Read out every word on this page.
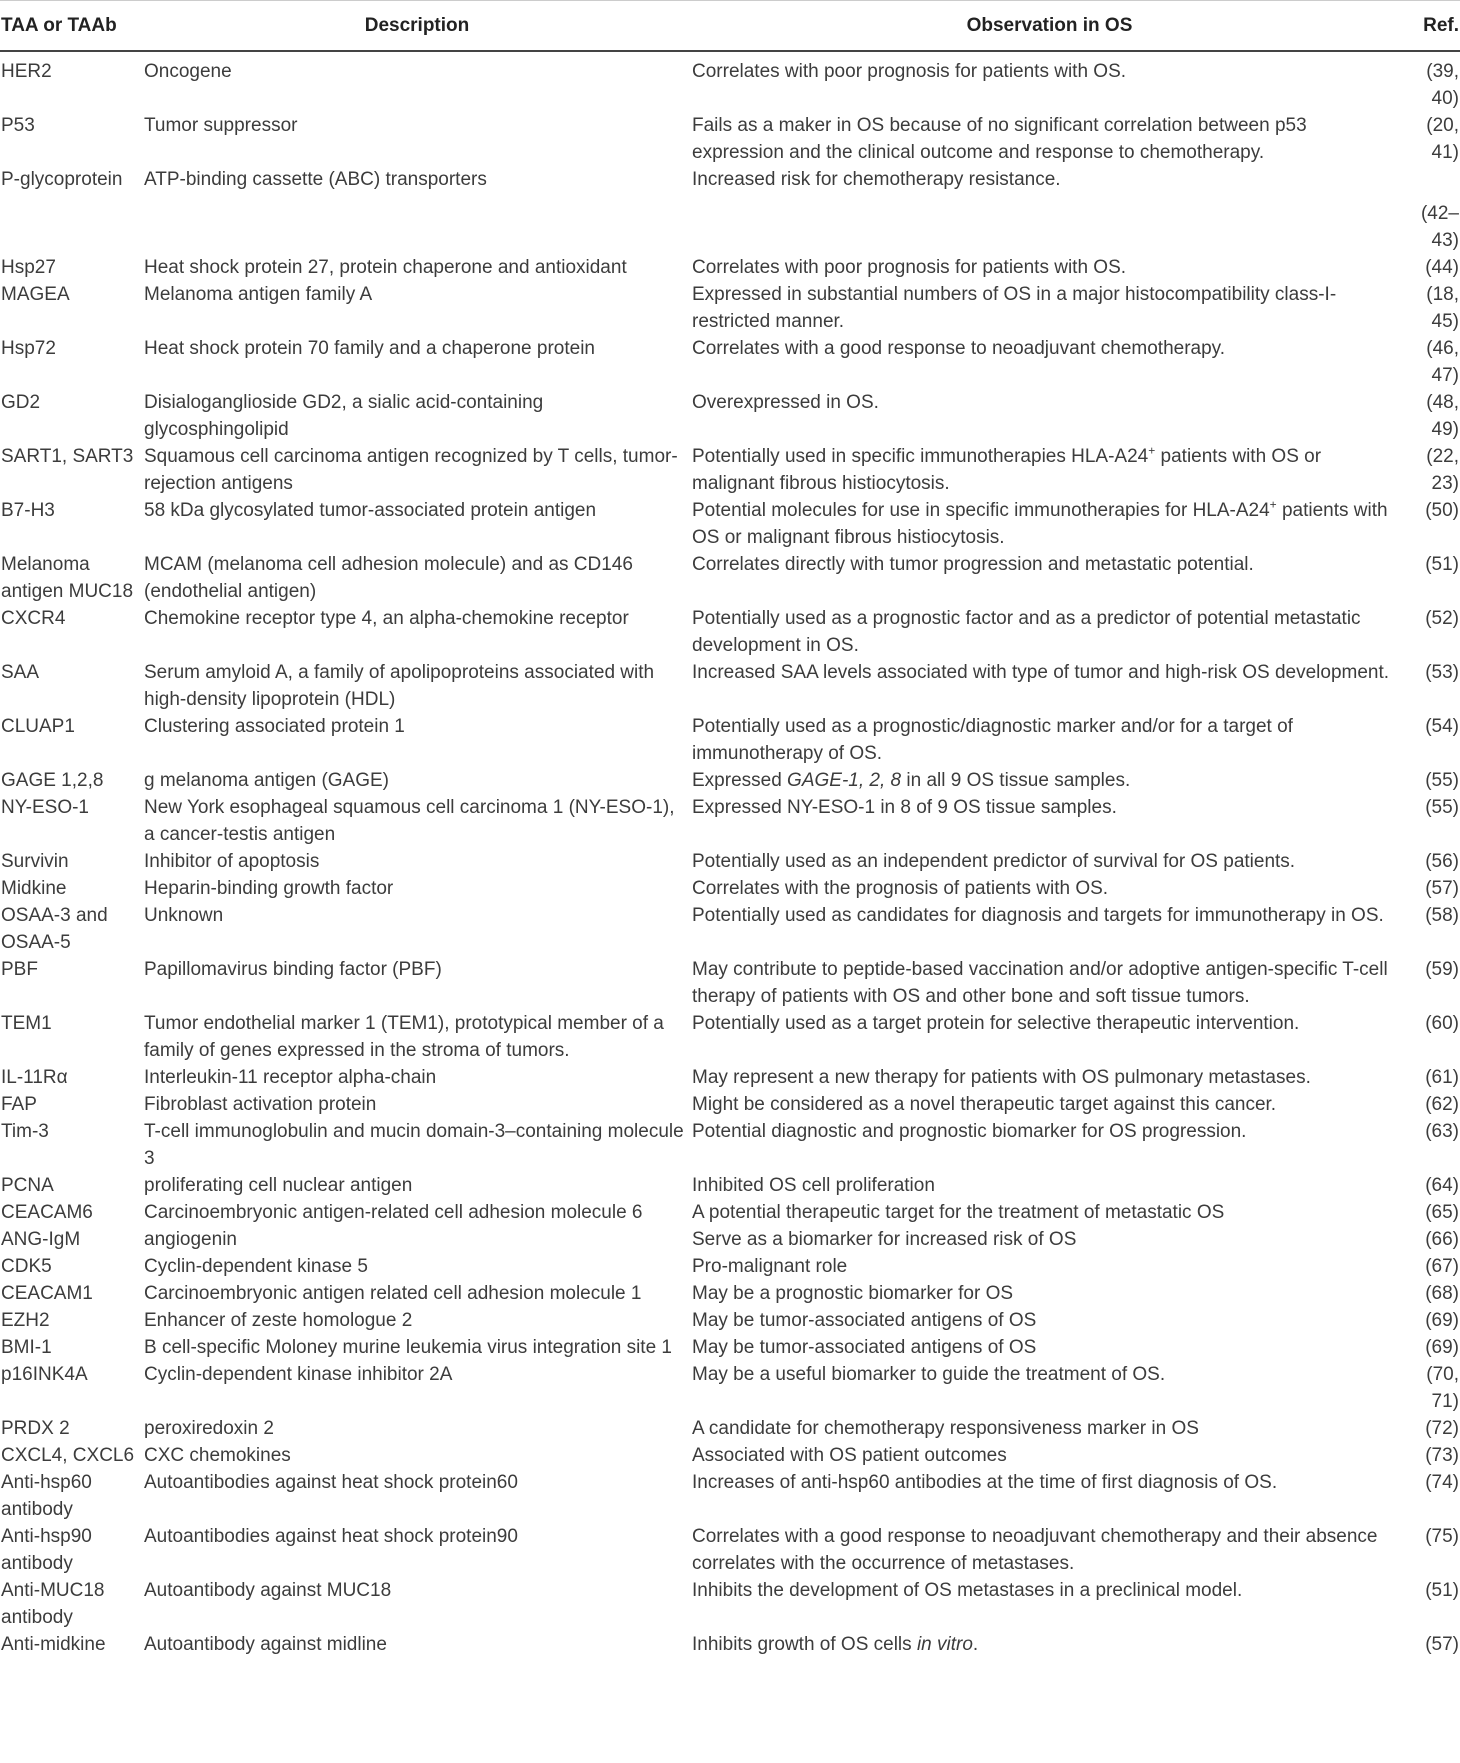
TAA or TAAb	Description	Observation in OS	Ref.
HER2	Oncogene	Correlates with poor prognosis for patients with OS.	(39, 40)
P53	Tumor suppressor	Fails as a maker in OS because of no significant correlation between p53 expression and the clinical outcome and response to chemotherapy.	(20, 41)
P-glycoprotein	ATP-binding cassette (ABC) transporters	Increased risk for chemotherapy resistance.	(42–43)
Hsp27	Heat shock protein 27, protein chaperone and antioxidant	Correlates with poor prognosis for patients with OS.	(44)
MAGEA	Melanoma antigen family A	Expressed in substantial numbers of OS in a major histocompatibility class-I-restricted manner.	(18, 45)
Hsp72	Heat shock protein 70 family and a chaperone protein	Correlates with a good response to neoadjuvant chemotherapy.	(46, 47)
GD2	Disialoganglioside GD2, a sialic acid-containing glycosphingolipid	Overexpressed in OS.	(48, 49)
SART1, SART3	Squamous cell carcinoma antigen recognized by T cells, tumor-rejection antigens	Potentially used in specific immunotherapies HLA-A24+ patients with OS or malignant fibrous histiocytosis.	(22, 23)
B7-H3	58 kDa glycosylated tumor-associated protein antigen	Potential molecules for use in specific immunotherapies for HLA-A24+ patients with OS or malignant fibrous histiocytosis.	(50)
Melanoma antigen MUC18	MCAM (melanoma cell adhesion molecule) and as CD146 (endothelial antigen)	Correlates directly with tumor progression and metastatic potential.	(51)
CXCR4	Chemokine receptor type 4, an alpha-chemokine receptor	Potentially used as a prognostic factor and as a predictor of potential metastatic development in OS.	(52)
SAA	Serum amyloid A, a family of apolipoproteins associated with high-density lipoprotein (HDL)	Increased SAA levels associated with type of tumor and high-risk OS development.	(53)
CLUAP1	Clustering associated protein 1	Potentially used as a prognostic/diagnostic marker and/or for a target of immunotherapy of OS.	(54)
GAGE 1,2,8	g melanoma antigen (GAGE)	Expressed GAGE-1, 2, 8 in all 9 OS tissue samples.	(55)
NY-ESO-1	New York esophageal squamous cell carcinoma 1 (NY-ESO-1), a cancer-testis antigen	Expressed NY-ESO-1 in 8 of 9 OS tissue samples.	(55)
Survivin	Inhibitor of apoptosis	Potentially used as an independent predictor of survival for OS patients.	(56)
Midkine	Heparin-binding growth factor	Correlates with the prognosis of patients with OS.	(57)
OSAA-3 and OSAA-5	Unknown	Potentially used as candidates for diagnosis and targets for immunotherapy in OS.	(58)
PBF	Papillomavirus binding factor (PBF)	May contribute to peptide-based vaccination and/or adoptive antigen-specific T-cell therapy of patients with OS and other bone and soft tissue tumors.	(59)
TEM1	Tumor endothelial marker 1 (TEM1), prototypical member of a family of genes expressed in the stroma of tumors.	Potentially used as a target protein for selective therapeutic intervention.	(60)
IL-11Rα	Interleukin-11 receptor alpha-chain	May represent a new therapy for patients with OS pulmonary metastases.	(61)
FAP	Fibroblast activation protein	Might be considered as a novel therapeutic target against this cancer.	(62)
Tim-3	T-cell immunoglobulin and mucin domain-3–containing molecule 3	Potential diagnostic and prognostic biomarker for OS progression.	(63)
PCNA	proliferating cell nuclear antigen	Inhibited OS cell proliferation	(64)
CEACAM6	Carcinoembryonic antigen-related cell adhesion molecule 6	A potential therapeutic target for the treatment of metastatic OS	(65)
ANG-IgM	angiogenin	Serve as a biomarker for increased risk of OS	(66)
CDK5	Cyclin-dependent kinase 5	Pro-malignant role	(67)
CEACAM1	Carcinoembryonic antigen related cell adhesion molecule 1	May be a prognostic biomarker for OS	(68)
EZH2	Enhancer of zeste homologue 2	May be tumor-associated antigens of OS	(69)
BMI-1	B cell-specific Moloney murine leukemia virus integration site 1	May be tumor-associated antigens of OS	(69)
p16INK4A	Cyclin-dependent kinase inhibitor 2A	May be a useful biomarker to guide the treatment of OS.	(70, 71)
PRDX 2	peroxiredoxin 2	A candidate for chemotherapy responsiveness marker in OS	(72)
CXCL4, CXCL6	CXC chemokines	Associated with OS patient outcomes	(73)
Anti-hsp60 antibody	Autoantibodies against heat shock protein60	Increases of anti-hsp60 antibodies at the time of first diagnosis of OS.	(74)
Anti-hsp90 antibody	Autoantibodies against heat shock protein90	Correlates with a good response to neoadjuvant chemotherapy and their absence correlates with the occurrence of metastases.	(75)
Anti-MUC18 antibody	Autoantibody against MUC18	Inhibits the development of OS metastases in a preclinical model.	(51)
Anti-midkine	Autoantibody against midline	Inhibits growth of OS cells in vitro.	(57)
